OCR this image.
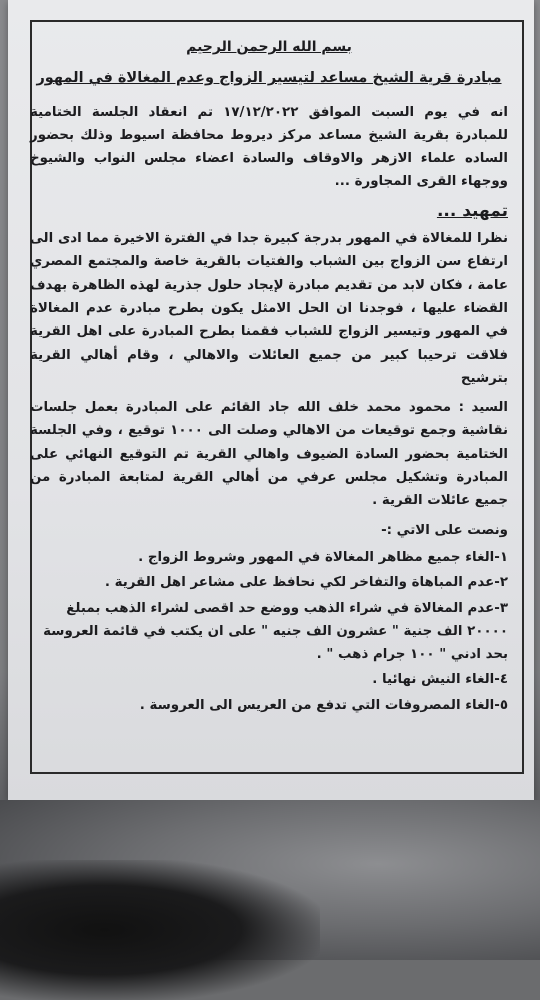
بسم الله الرحمن الرحيم

مبادرة قرية الشيخ مساعد لتيسير الزواج وعدم المغالاة في المهور

انه في يوم السبت الموافق ١٧/١٢/٢٠٢٢ تم انعقاد الجلسة الختامية للمبادرة بقرية الشيخ مساعد مركز ديروط محافظة اسيوط وذلك بحضور الساده علماء الازهر والاوقاف والسادة اعضاء مجلس النواب والشيوخ ووجهاء القرى المجاورة ...

تمهيد ...

نظرا للمغالاة في المهور بدرجة كبيرة جدا في الفترة الاخيرة مما ادى الى ارتفاع سن الزواج بين الشباب والفتيات بالقرية خاصة والمجتمع المصري عامة ، فكان لابد من تقديم مبادرة لإيجاد حلول جذرية لهذه الظاهرة بهدف القضاء عليها ، فوجدنا ان الحل الامثل يكون بطرح مبادرة عدم المغالاة في المهور وتيسير الزواج للشباب فقمنا بطرح المبادرة على اهل القرية فلاقت ترحيبا كبير من جميع العائلات والاهالي ، وقام أهالي القرية بترشيح

السيد : محمود محمد خلف الله جاد القائم على المبادرة بعمل جلسات نقاشية وجمع توقيعات من الاهالي وصلت الى ١٠٠٠ توقيع ، وفي الجلسة الختامية بحضور السادة الضيوف واهالي القرية تم التوقيع النهائي على المبادرة وتشكيل مجلس عرفي من أهالي القرية لمتابعة المبادرة من جميع عائلات القرية .

ونصت على الاتي :-

١-الغاء جميع مظاهر المغالاة في المهور وشروط الزواج .
٢-عدم المباهاة والتفاخر لكي نحافظ على مشاعر اهل القرية .
٣-عدم المغالاة في شراء الذهب ووضع حد اقصى لشراء الذهب بمبلغ ٢٠٠٠٠ الف جنية " عشرون الف جنيه " على ان يكتب في قائمة العروسة بحد ادني " ١٠٠ جرام ذهب " .
٤-الغاء النيش نهائيا .
٥-الغاء المصروفات التي تدفع من العريس الى العروسة .
